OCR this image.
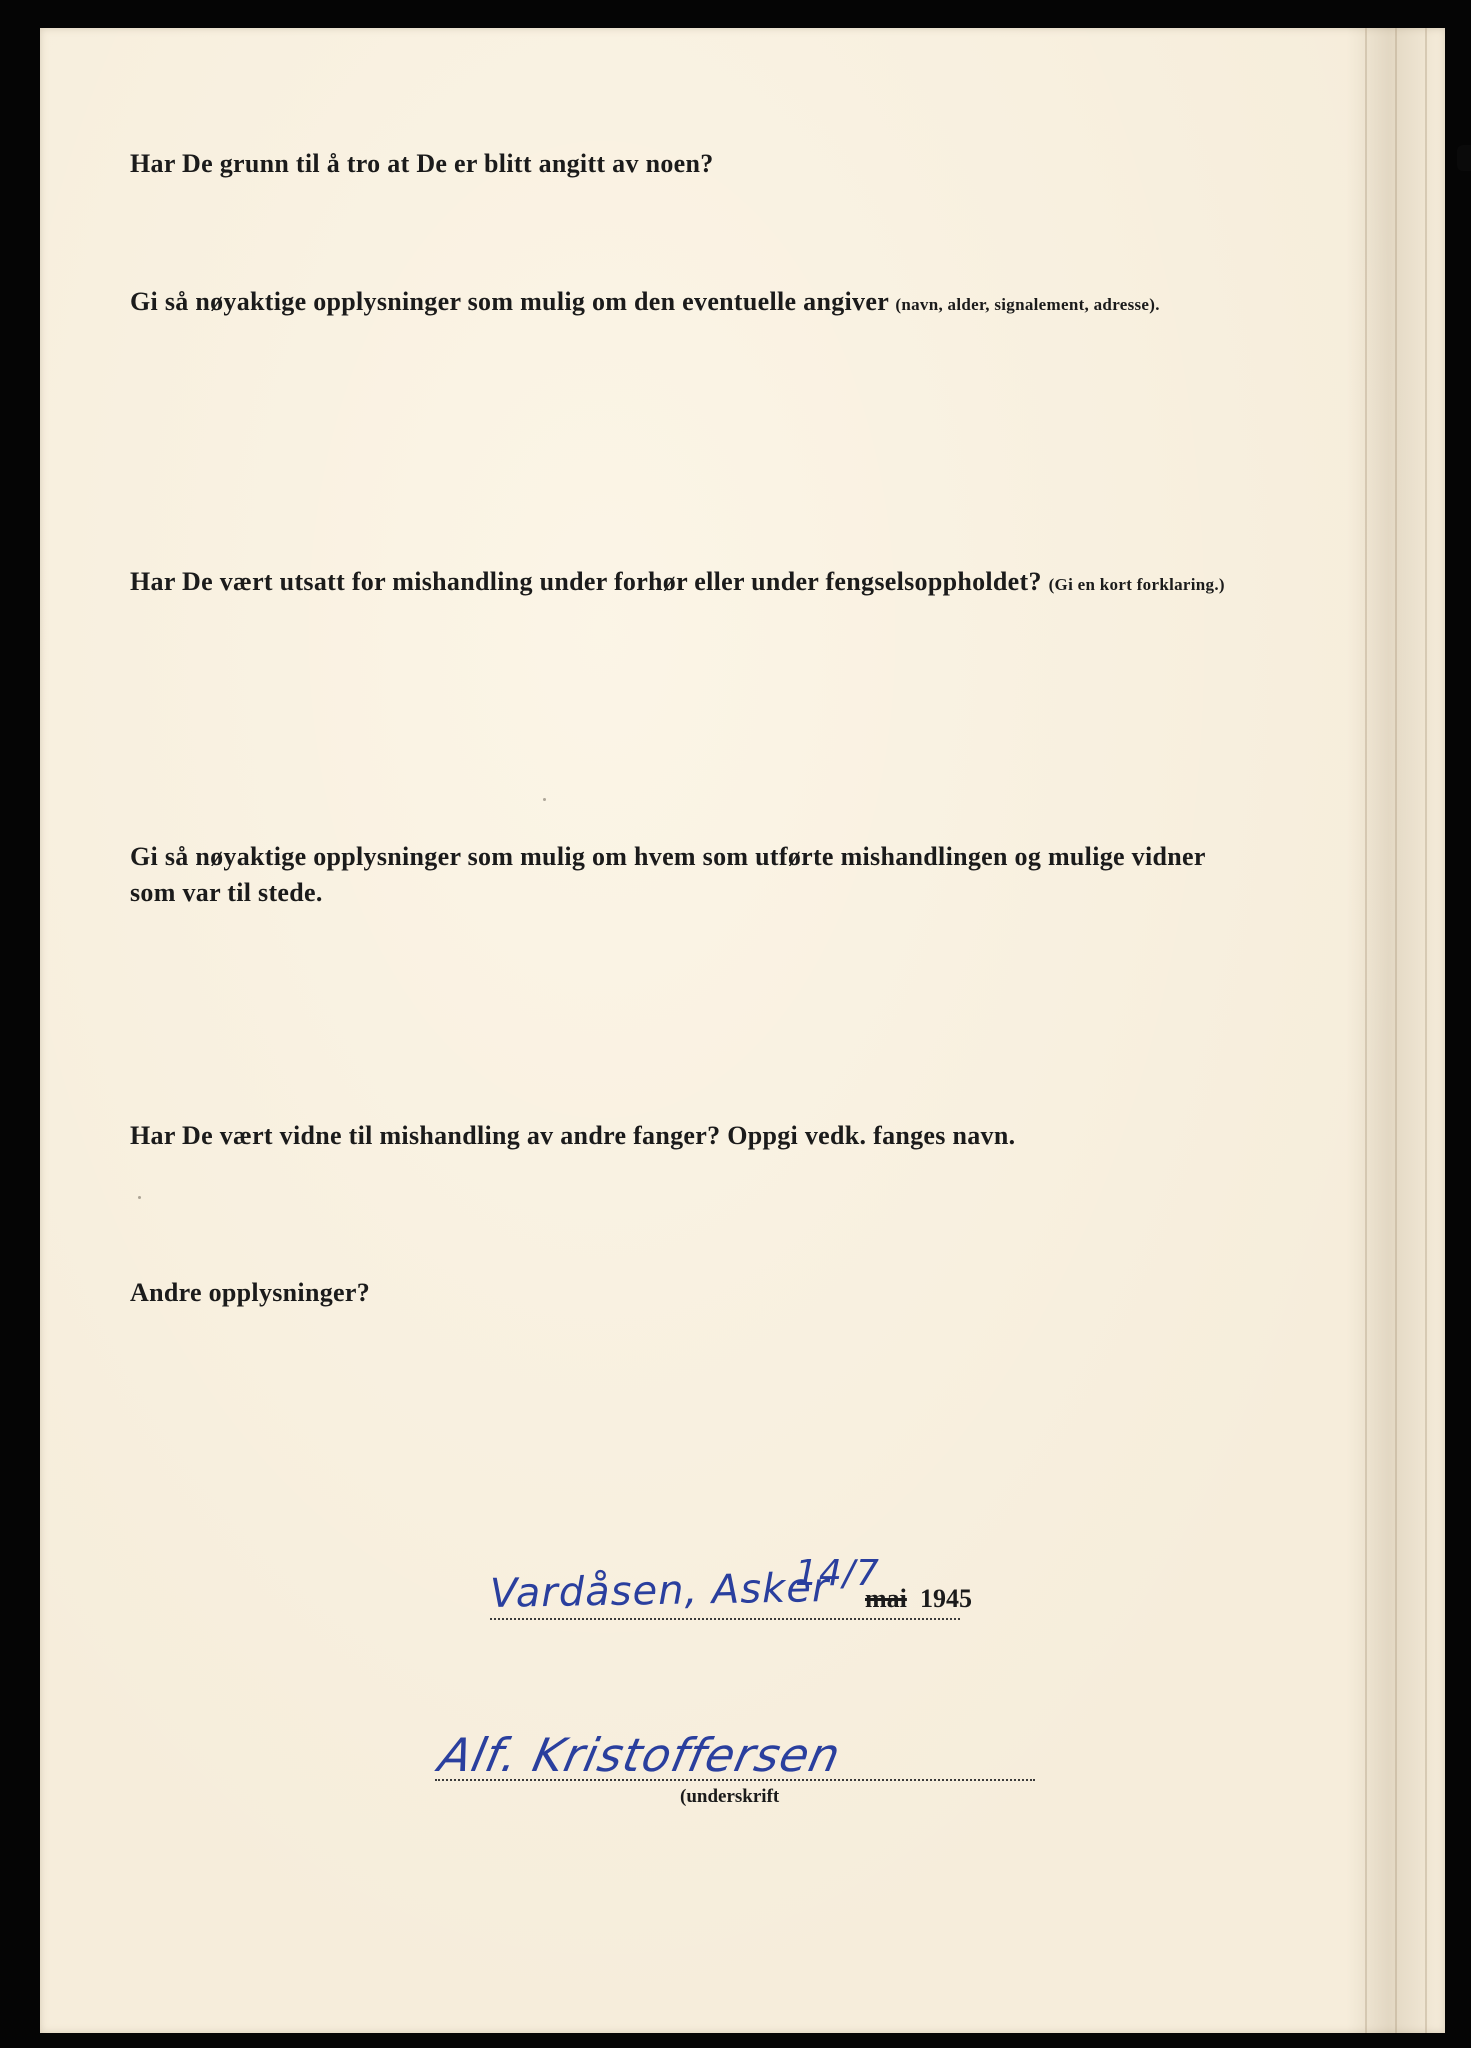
Har De grunn til å tro at De er blitt angitt av noen?

Gi så nøyaktige opplysninger som mulig om den eventuelle angiver (navn, alder, signalement, adresse).

Har De vært utsatt for mishandling under forhør eller under fengselsoppholdet? (Gi en kort forklaring.)

Gi så nøyaktige opplysninger som mulig om hvem som utførte mishandlingen og mulige vidner
som var til stede.

Har De vært vidne til mishandling av andre fanger? Oppgi vedk. fanges navn.

Andre opplysninger?

Vardåsen, Asker
14/7
mai 1945
Alf. Kristoffersen
(underskrift
